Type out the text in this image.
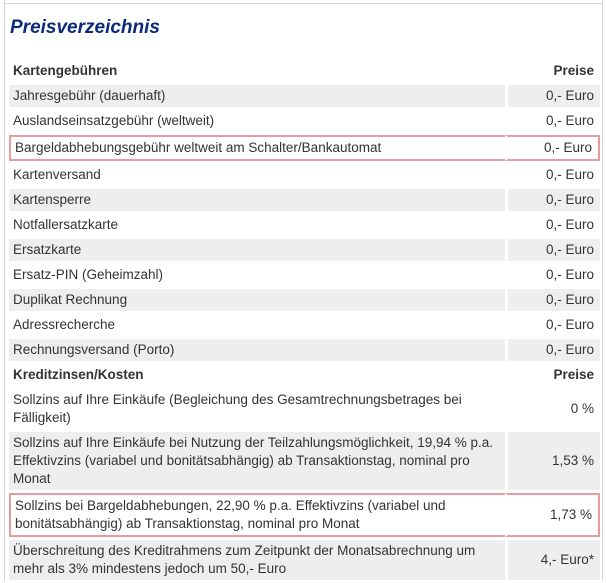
Preisverzeichnis
Kartengebühren	Preise
Jahresgebühr (dauerhaft)	0,- Euro
Auslandseinsatzgebühr (weltweit)	0,- Euro
Bargeldabhebungsgebühr weltweit am Schalter/Bankautomat	0,- Euro
Kartenversand	0,- Euro
Kartensperre	0,- Euro
Notfallersatzkarte	0,- Euro
Ersatzkarte	0,- Euro
Ersatz-PIN (Geheimzahl)	0,- Euro
Duplikat Rechnung	0,- Euro
Adressrecherche	0,- Euro
Rechnungsversand (Porto)	0,- Euro
Kreditzinsen/Kosten	Preise
Sollzins auf Ihre Einkäufe (Begleichung des Gesamtrechnungsbetrages bei Fälligkeit)	0 %
Sollzins auf Ihre Einkäufe bei Nutzung der Teilzahlungsmöglichkeit, 19,94 % p.a. Effektivzins (variabel und bonitätsabhängig) ab Transaktionstag, nominal pro Monat	1,53 %
Sollzins bei Bargeldabhebungen, 22,90 % p.a. Effektivzins (variabel und bonitätsabhängig) ab Transaktionstag, nominal pro Monat	1,73 %
Überschreitung des Kreditrahmens zum Zeitpunkt der Monatsabrechnung um mehr als 3% mindestens jedoch um 50,- Euro	4,- Euro*
